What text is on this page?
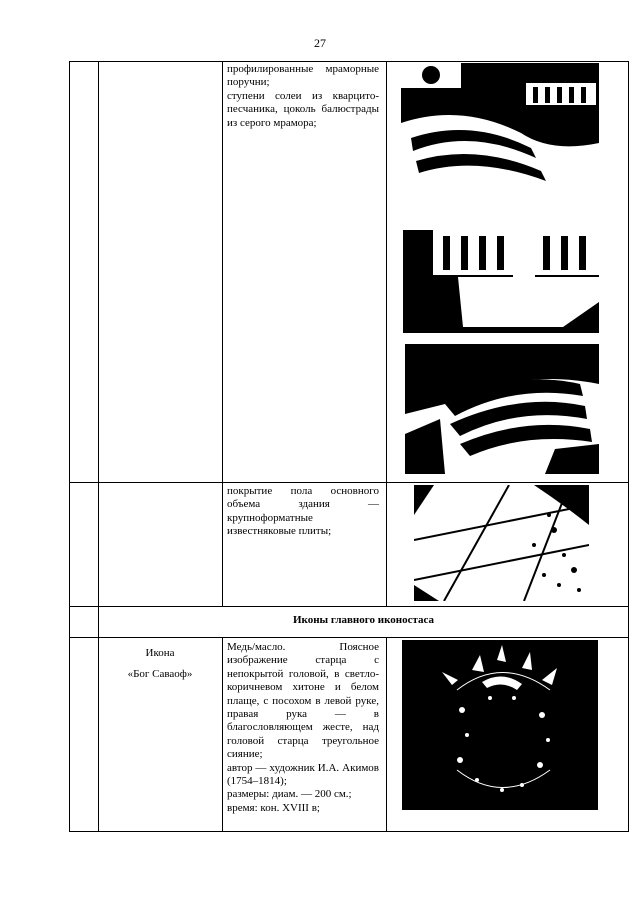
27
профилированные мраморные поручни;
ступени солеи из кварцито-песчаника, цоколь балюстрады из серого мрамора;
покрытие пола основного объема здания — крупноформатные известняковые плиты;
Иконы главного иконостаса
Икона
«Бог Саваоф»
Медь/масло. Поясное изображение старца с непокрытой головой, в светло-коричневом хитоне и белом плаще, с посохом в левой руке, правая рука — в благословляющем жесте, над головой старца треугольное сияние;
автор — художник И.А. Акимов (1754–1814);
размеры: диам. — 200 см.;
время: кон. XVIII в;
